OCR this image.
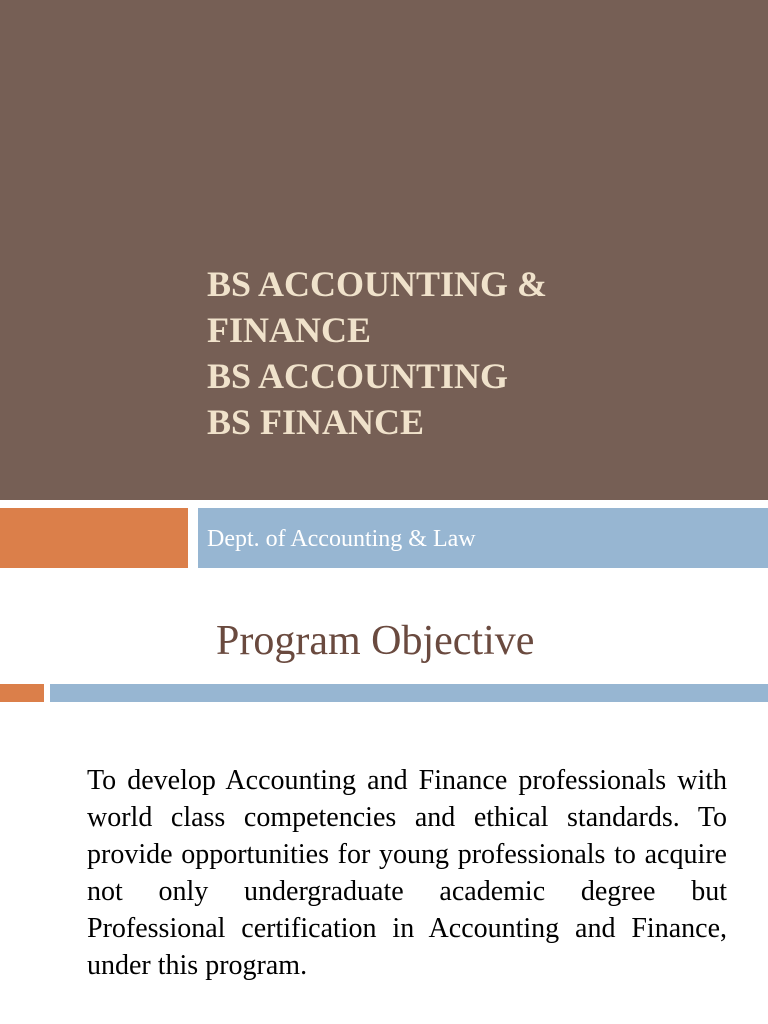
BS ACCOUNTING &
FINANCE
BS ACCOUNTING
BS FINANCE
Dept. of Accounting & Law
Program Objective
To develop Accounting and Finance professionals with world class competencies and ethical standards. To provide opportunities for young professionals to acquire not only undergraduate academic degree but Professional certification in Accounting and Finance, under this program.
